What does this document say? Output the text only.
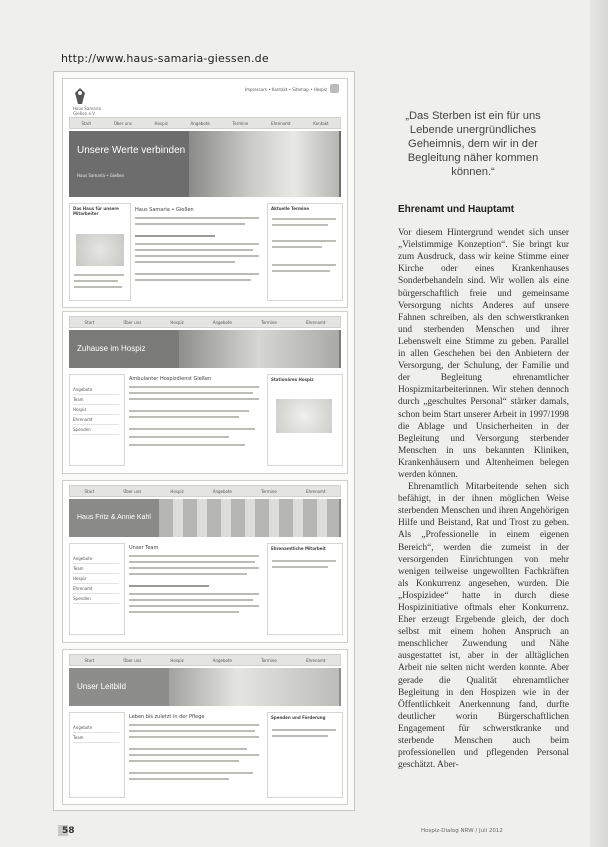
http://www.haus-samaria-giessen.de
Haus Samaria
Gießen e.V.
Impressum • Kontakt • Sitemap • Hospiz
Start	Über uns	Hospiz	Angebote	Termine	Ehrenamt	Kontakt
Unsere Werte verbinden
Haus Samaria • Gießen
Das Haus für unsere Mitarbeiter
Haus Samaria • Gießen	Aktuelle Termine
Start	Über uns	Hospiz	Angebote	Termine	Ehrenamt
Zuhause im Hospiz
Angebote
Team
Hospiz
Ehrenamt
Spenden
Ambulanter Hospizdienst Gießen	Stationäres Hospiz
Start	Über uns	Hospiz	Angebote	Termine	Ehrenamt
Haus Fritz & Annie Kahl
Angebote
Team
Hospiz
Ehrenamt
Spenden
Unser Team	Ehrenamtliche Mitarbeit
Start	Über uns	Hospiz	Angebote	Termine	Ehrenamt
Unser Leitbild
Angebote
Team
Leben bis zuletzt in der Pflege	Spenden und Förderung
„Das Sterben ist ein für uns Lebende unergründliches Geheimnis, dem wir in der Begleitung näher kommen können.“
Ehrenamt und Hauptamt

Vor diesem Hintergrund wendet sich unser „Vielstimmige Konzeption“. Sie bringt kur zum Ausdruck, dass wir keine Stimme einer Kirche oder eines Krankenhauses Sonderbehandeln sind. Wir wollen als eine bürgerschaftlich freie und gemeinsame Versorgung nichts Anderes auf unsere Fahnen schreiben, als den schwerstkranken und sterbenden Menschen und ihrer Lebenswelt eine Stimme zu geben. Parallel in allen Geschehen bei den Anbietern der Versorgung, der Schulung, der Familie und der Begleitung ehrenamtlicher Hospizmitarbeiterinnen. Wir stehen dennoch durch „geschultes Personal“ stärker damals, schon beim Start unserer Arbeit in 1997/1998 die Ablage und Unsicherheiten in der Begleitung und Versorgung sterbender Menschen in uns bekannten Kliniken, Krankenhäusern und Altenheimen belegen werden können.

Ehrenamtlich Mitarbeitende sehen sich befähigt, in der ihnen möglichen Weise sterbenden Menschen und ihren Angehörigen Hilfe und Beistand, Rat und Trost zu geben. Als „Professionelle in einem eigenen Bereich“, werden die zumeist in der versorgenden Einrichtungen von mehr wenigen teilweise ungewollten Fachkräften als Konkurrenz angesehen, wurden. Die „Hospizidee“ hatte in durch diese Hospizinitiative oftmals eher Konkurrenz. Eher erzeugt Ergebende gleich, der doch selbst mit einem hohen Anspruch an menschlicher Zuwendung und Nähe ausgestattet ist, aber in der alltäglichen Arbeit nie selten nicht werden konnte. Aber gerade die Qualität ehrenamtlicher Begleitung in den Hospizen wie in der Öffentlichkeit Anerkennung fand, durfte deutlicher worin Bürgerschaftlichen Engagement für schwerstkranke und sterbende Menschen auch beim professionellen und pflegenden Personal geschätzt. Aber-

58	Hospiz-Dialog NRW / Juli 2012
